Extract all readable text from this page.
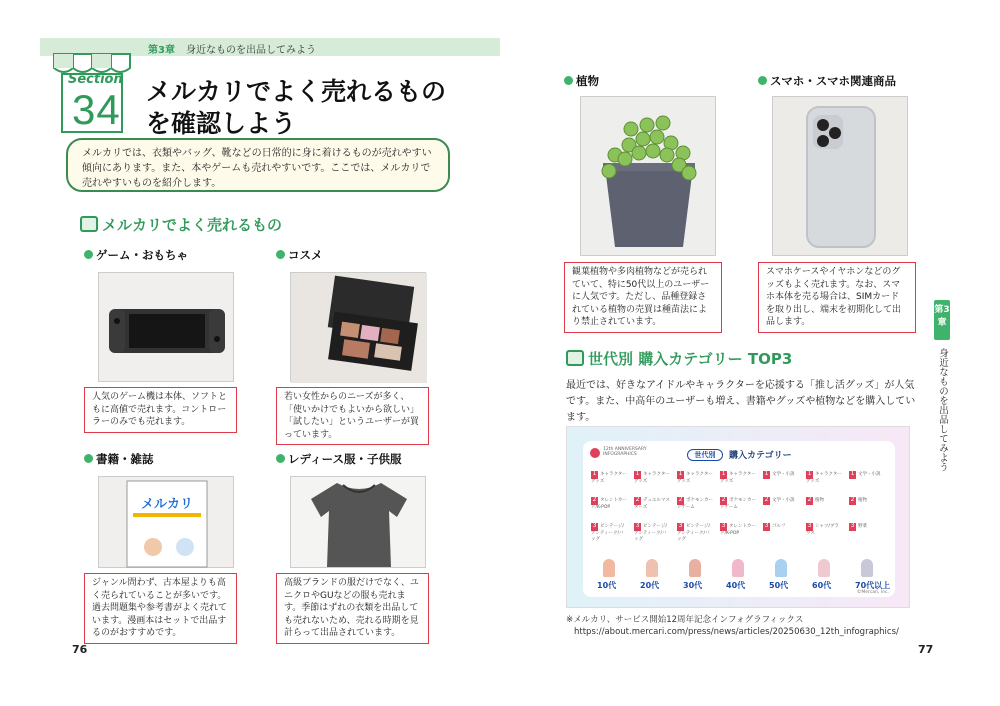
第3章 身近なものを出品してみよう
Section
34 メルカリでよく売れるもの
を確認しよう
メルカリでは、衣類やバッグ、靴などの日常的に身に着けるものが売れやすい傾向にあります。また、本やゲームも売れやすいです。ここでは、メルカリで売れやすいものを紹介します。
メルカリでよく売れるもの
ゲーム・おもちゃ
人気のゲーム機は本体、ソフトともに高値で売れます。コントローラーのみでも売れます。
コスメ
若い女性からのニーズが多く、「使いかけでもよいから欲しい」「試したい」というユーザーが買っています。
書籍・雑誌
メルカリ
ジャンル問わず、古本屋よりも高く売られていることが多いです。過去問題集や参考書がよく売れています。漫画本はセットで出品するのがおすすめです。
レディース服・子供服
高級ブランドの服だけでなく、ユニクロやGUなどの服も売れます。季節はずれの衣類を出品しても売れないため、売れる時期を見計らって出品されています。
76
植物
観葉植物や多肉植物などが売られていて、特に50代以上のユーザーに人気です。ただし、品種登録されている植物の売買は種苗法により禁止されています。
スマホ・スマホ関連商品
スマホケースやイヤホンなどのグッズもよく売れます。なお、スマホ本体を売る場合は、SIMカードを取り出し、端末を初期化して出品します。
世代別 購入カテゴリー TOP3
最近では、好きなアイドルやキャラクターを応援する「推し活グッズ」が人気です。また、中高年のユーザーも増え、書籍やグッズや植物などを購入しています。
12th ANNIVERSARY INFOGRAPHICS	世代別	購入カテゴリー
1 キャラクターグッズ
2 タレントカード/K-POP
3 ビンテージ/アンティーク/バッグ
10代
1 キャラクターグッズ
2 デュエルマスターズ
3 ビンテージ/アンティーク/バッグ
20代
1 キャラクターグッズ
2 ポケモンカードゲーム
3 ビンテージ/アンティーク/バッグ
30代
1 キャラクターグッズ
2 ポケモンカードゲーム
3 タレントカード/K-POP
40代
1 文学・小説
2 文学・小説
3 ゴルフ
50代
1 キャラクターグッズ
2 植物
3 シャツ/ブラウス
60代
1 文学・小説
2 植物
3 野菜
70代以上
©Mercari, Inc.
※メルカリ、サービス開始12周年記念インフォグラフィックス
https://about.mercari.com/press/news/articles/20250630_12th_infographics/
第3章
身近なものを出品してみよう
77
